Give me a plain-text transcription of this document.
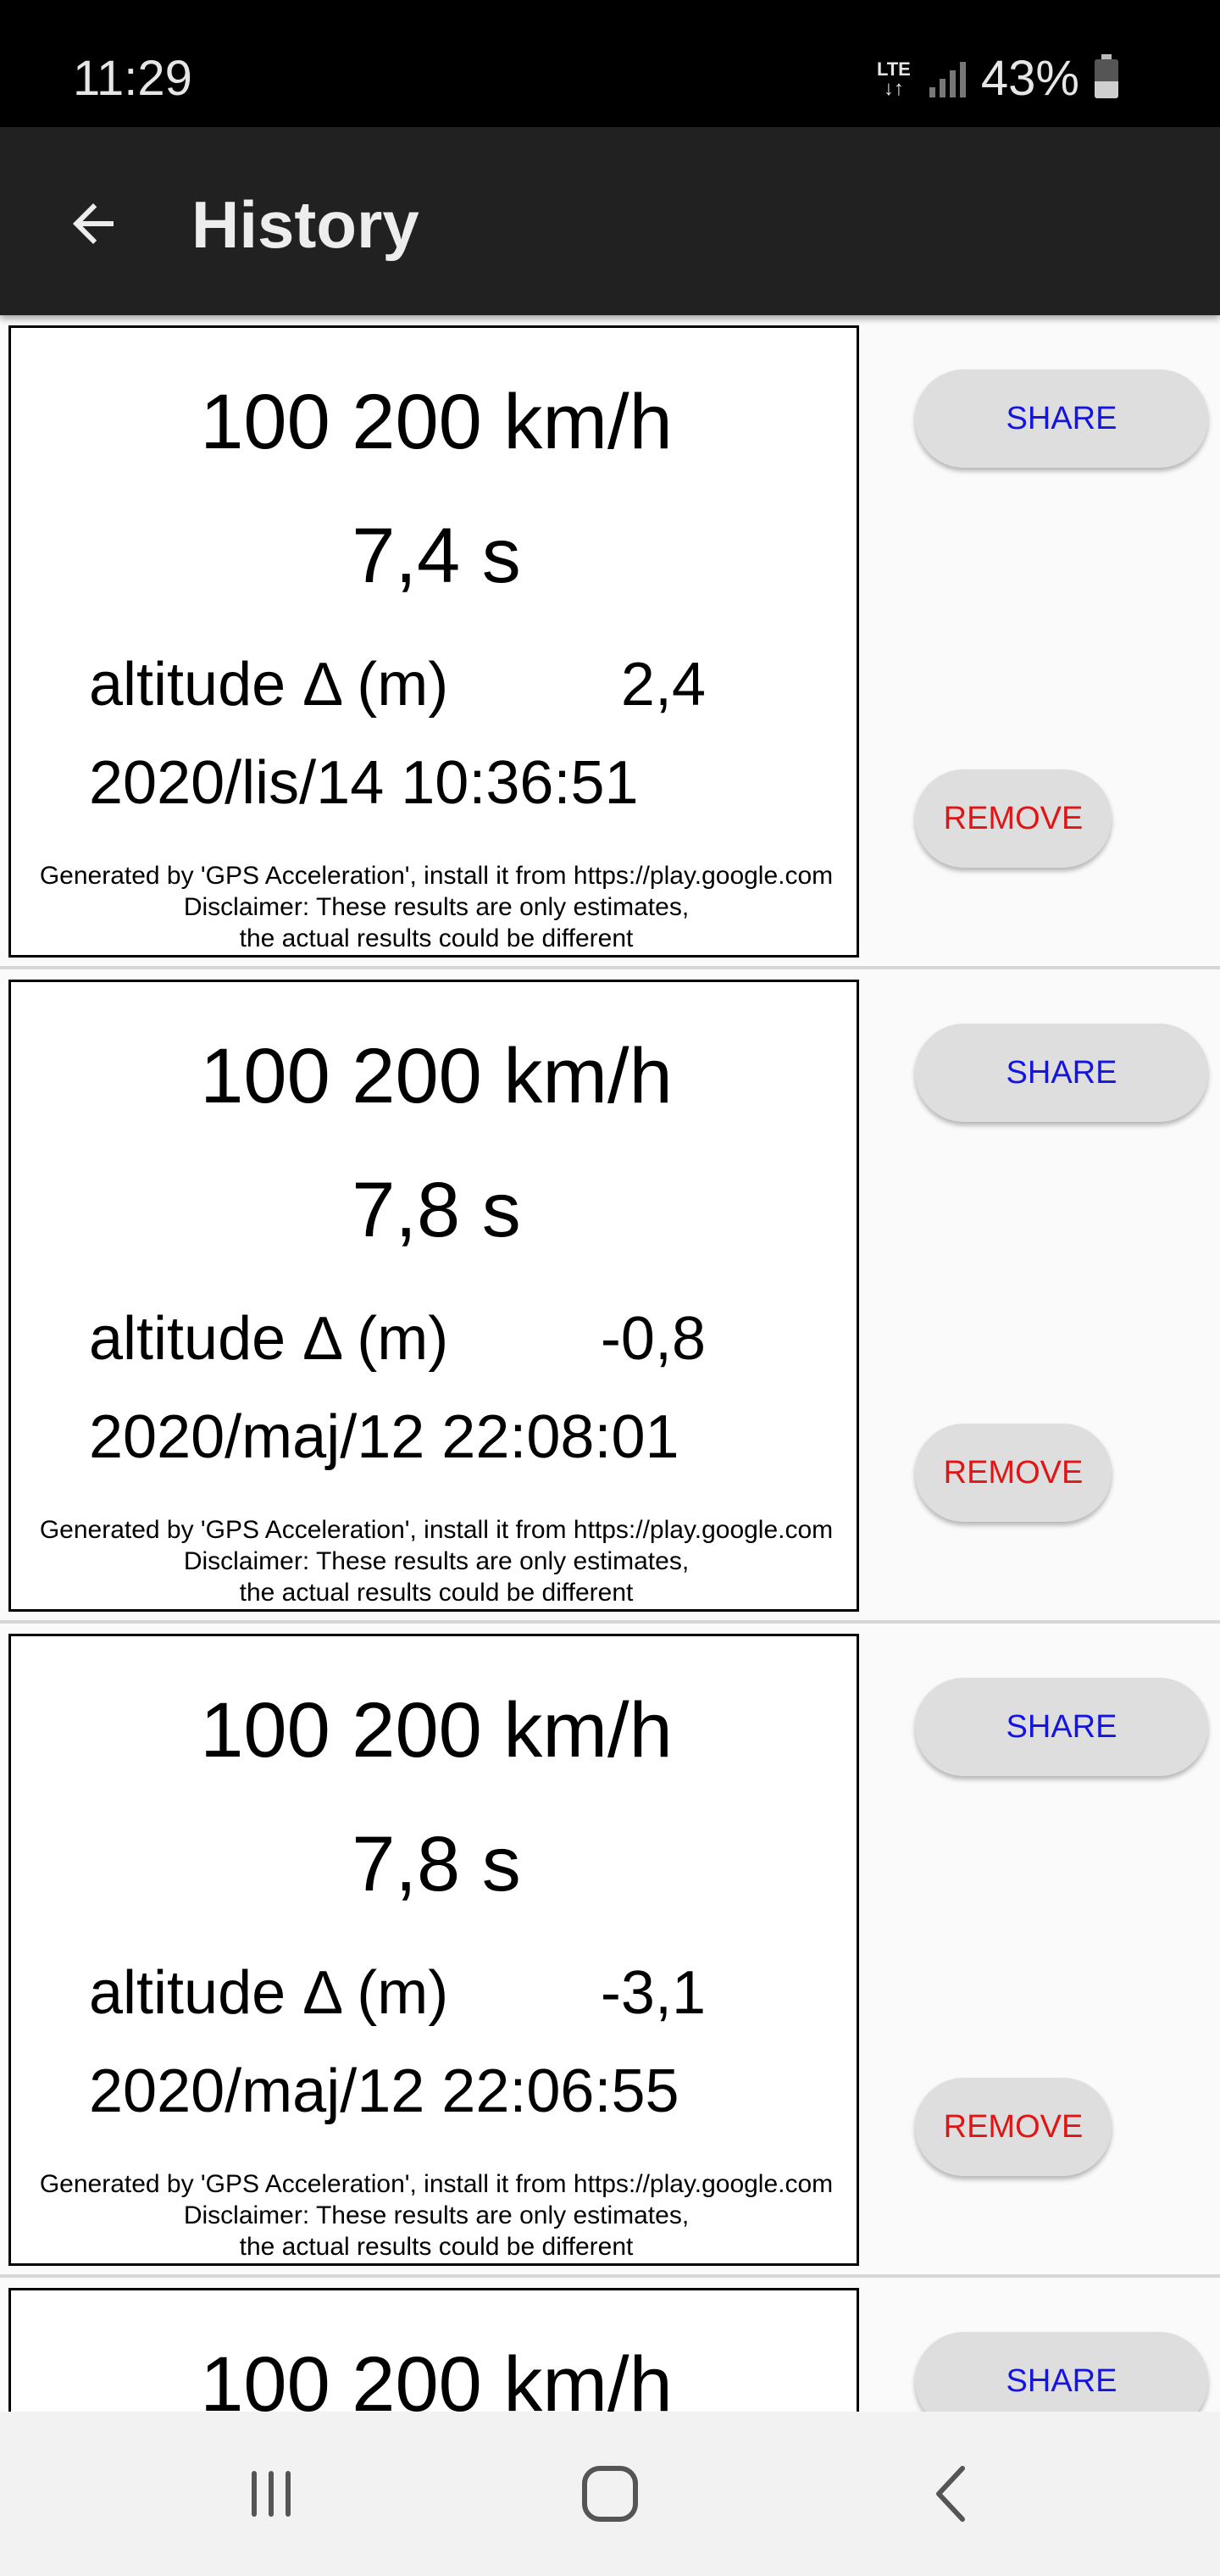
11:29	LTE
↓↑ 43%
History
100 200 km/h
7,4 s
altitude Δ (m)	2,4
2020/lis/14 10:36:51
Generated by 'GPS Acceleration', install it from https://play.google.com
Disclaimer: These results are only estimates,
the actual results could be different
SHARE
REMOVE
100 200 km/h
7,8 s
altitude Δ (m)	-0,8
2020/maj/12 22:08:01
Generated by 'GPS Acceleration', install it from https://play.google.com
Disclaimer: These results are only estimates,
the actual results could be different
SHARE
REMOVE
100 200 km/h
7,8 s
altitude Δ (m)	-3,1
2020/maj/12 22:06:55
Generated by 'GPS Acceleration', install it from https://play.google.com
Disclaimer: These results are only estimates,
the actual results could be different
SHARE
REMOVE
100 200 km/h	SHARE
